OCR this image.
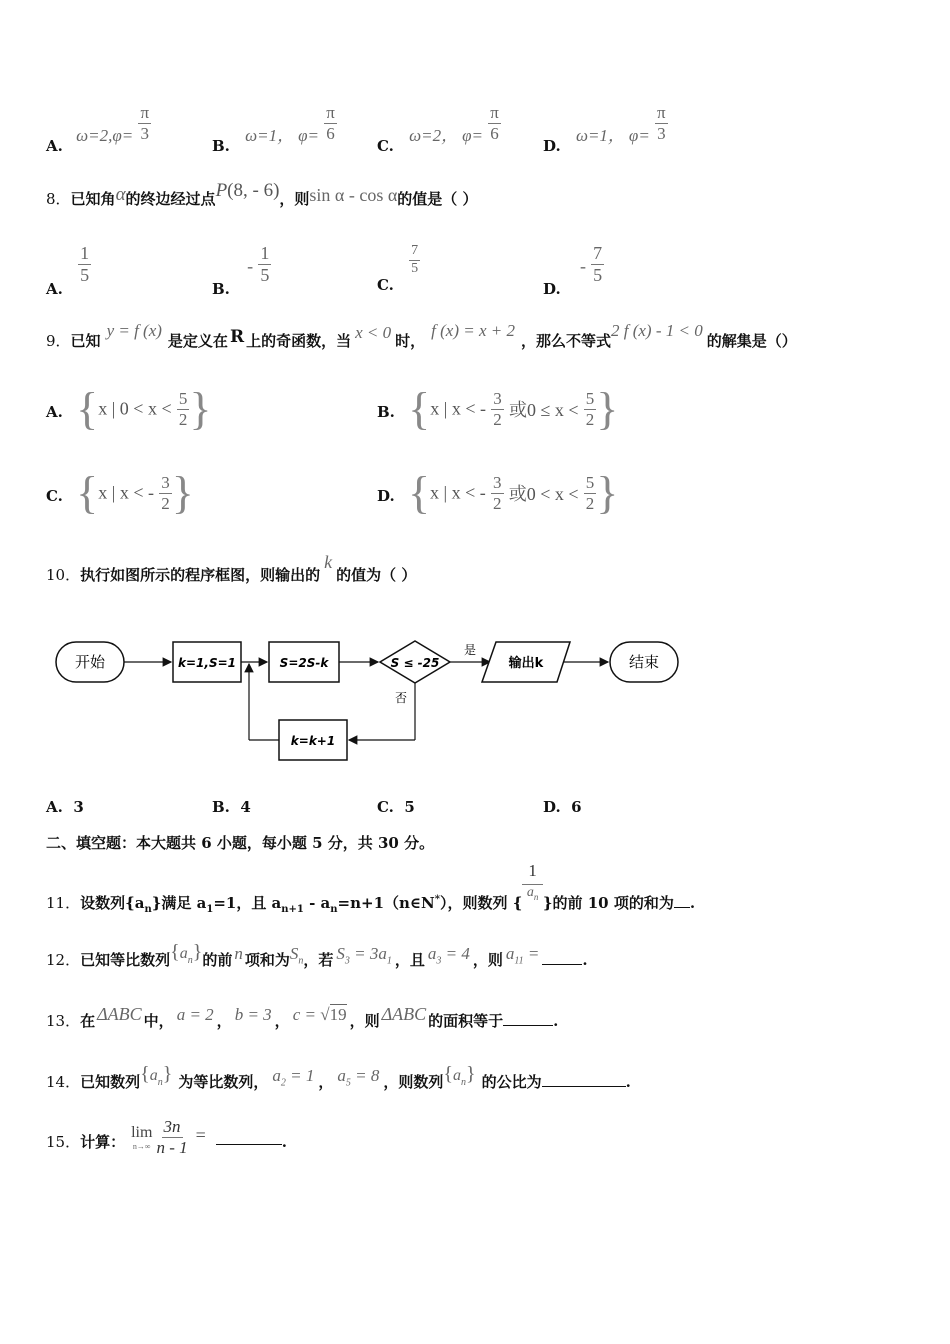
A. $\omega=2,\varphi= \frac{\pi}{3}$
B. ω=1， $\varphi= \frac{\pi}{6}$
C. ω=2， $\varphi= \frac{\pi}{6}$
D. ω=1， $\varphi= \frac{\pi}{3}$
8．已知角α的终边经过点P(8, - 6)，则sin α - cos α的值是（ ）
A.
$\frac{1}{5}$
B. - $\frac{1}{5}$
C.
$\frac{7}{5}$
D. - $\frac{7}{5}$
9．已知y = f (x)是定义在 R 上的奇函数，当 x < 0 时，f (x) = x + 2，那么不等式2 f (x) - 1 < 0的解集是（）
A. {x | $0 < x < \frac{5}{2}$ }	B. {x | x < - $\frac{3}{2}$ 或$0 \le x < \frac{5}{2}$ }
C. {x | x < - $\frac{3}{2}$ }	D. {x | x < - $\frac{3}{2}$ 或$0 < x < \frac{5}{2}$ }
10．执行如图所示的程序框图，则输出的k的值为（ ）
开始	k=1,S=1	S=2S-k	S ≤ -25
是
输出k	结束
否
k=k+1
A. 3	B. 4	C. 5	D. 6
二、填空题：本大题共 6 小题，每小题 5 分，共 30 分。
11．设数列$\{a_n\}$满足 $a_1=1$，且 $a_{n+1}$ - $a_n=n+1(n\in N^*)$，则数列 {
$\frac{1}{a_n}$
}的前 10 项的和为 .
12．已知等比数列$\{a_n\}$的前 n 项和为$S_n$，若 $S_3 = 3a_1$ ，且 $a_3 = 4$ ，则 $a_{11}$ =	.
13．在 ΔABC 中， a = 2 ， b = 3 ， c = √19 ，则 ΔABC 的面积等于	.
14．已知数列$\{a_n\}$ 为等比数列， $a_2 = 1$ ， $a_5 = 8$ ，则数列$\{a_n\}$ 的公比为	.
15．计算：
lim
$n\to\infty \frac{3n}{n - 1}$ =	.
